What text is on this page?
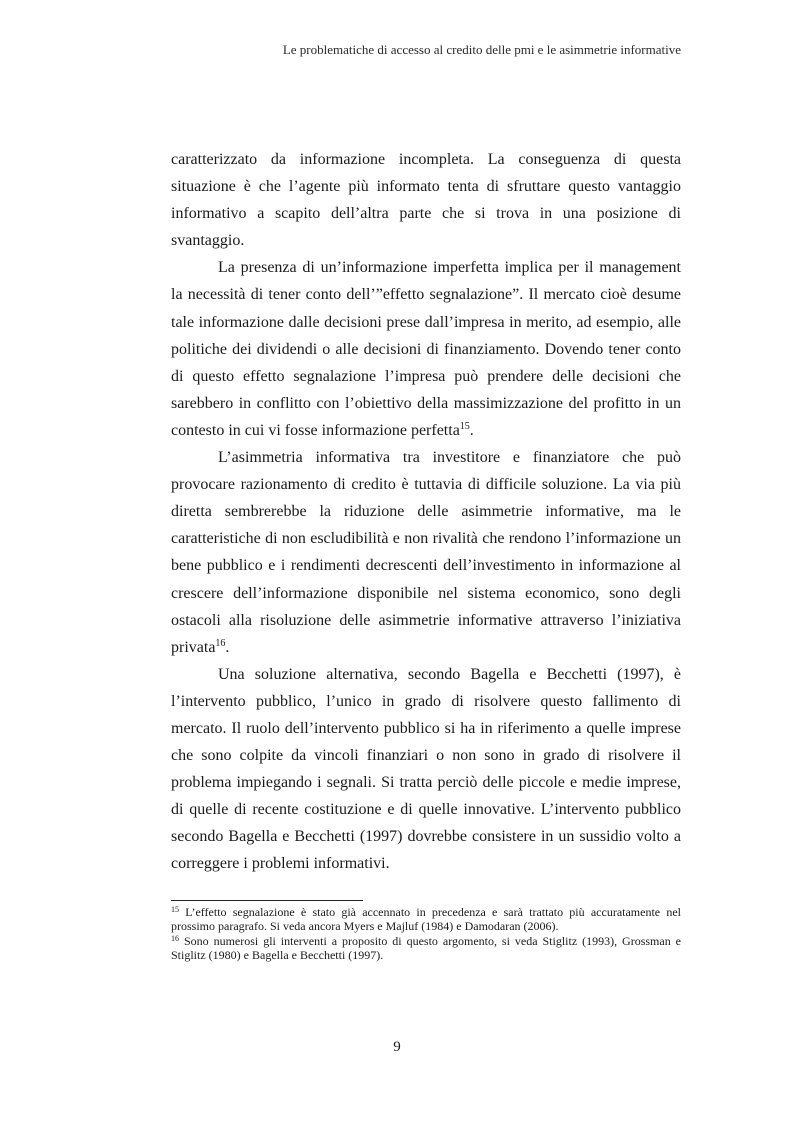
Le problematiche di accesso al credito delle pmi e le asimmetrie informative

caratterizzato da informazione incompleta. La conseguenza di questa situazione è che l’agente più informato tenta di sfruttare questo vantaggio informativo a scapito dell’altra parte che si trova in una posizione di svantaggio.

La presenza di un’informazione imperfetta implica per il management la necessità di tener conto dell’”effetto segnalazione”. Il mercato cioè desume tale informazione dalle decisioni prese dall’impresa in merito, ad esempio, alle politiche dei dividendi o alle decisioni di finanziamento. Dovendo tener conto di questo effetto segnalazione l’impresa può prendere delle decisioni che sarebbero in conflitto con l’obiettivo della massimizzazione del profitto in un contesto in cui vi fosse informazione perfetta$^{15}$.

L’asimmetria informativa tra investitore e finanziatore che può provocare razionamento di credito è tuttavia di difficile soluzione. La via più diretta sembrerebbe la riduzione delle asimmetrie informative, ma le caratteristiche di non escludibilità e non rivalità che rendono l’informazione un bene pubblico e i rendimenti decrescenti dell’investimento in informazione al crescere dell’informazione disponibile nel sistema economico, sono degli ostacoli alla risoluzione delle asimmetrie informative attraverso l’iniziativa privata$^{16}$.

Una soluzione alternativa, secondo Bagella e Becchetti (1997), è l’intervento pubblico, l’unico in grado di risolvere questo fallimento di mercato. Il ruolo dell’intervento pubblico si ha in riferimento a quelle imprese che sono colpite da vincoli finanziari o non sono in grado di risolvere il problema impiegando i segnali. Si tratta perciò delle piccole e medie imprese, di quelle di recente costituzione e di quelle innovative. L’intervento pubblico secondo Bagella e Becchetti (1997) dovrebbe consistere in un sussidio volto a correggere i problemi informativi.

$^{15}$ L’effetto segnalazione è stato già accennato in precedenza e sarà trattato più accuratamente nel prossimo paragrafo. Si veda ancora Myers e Majluf (1984) e Damodaran (2006).

$^{16}$ Sono numerosi gli interventi a proposito di questo argomento, si veda Stiglitz (1993), Grossman e Stiglitz (1980) e Bagella e Becchetti (1997).

9
